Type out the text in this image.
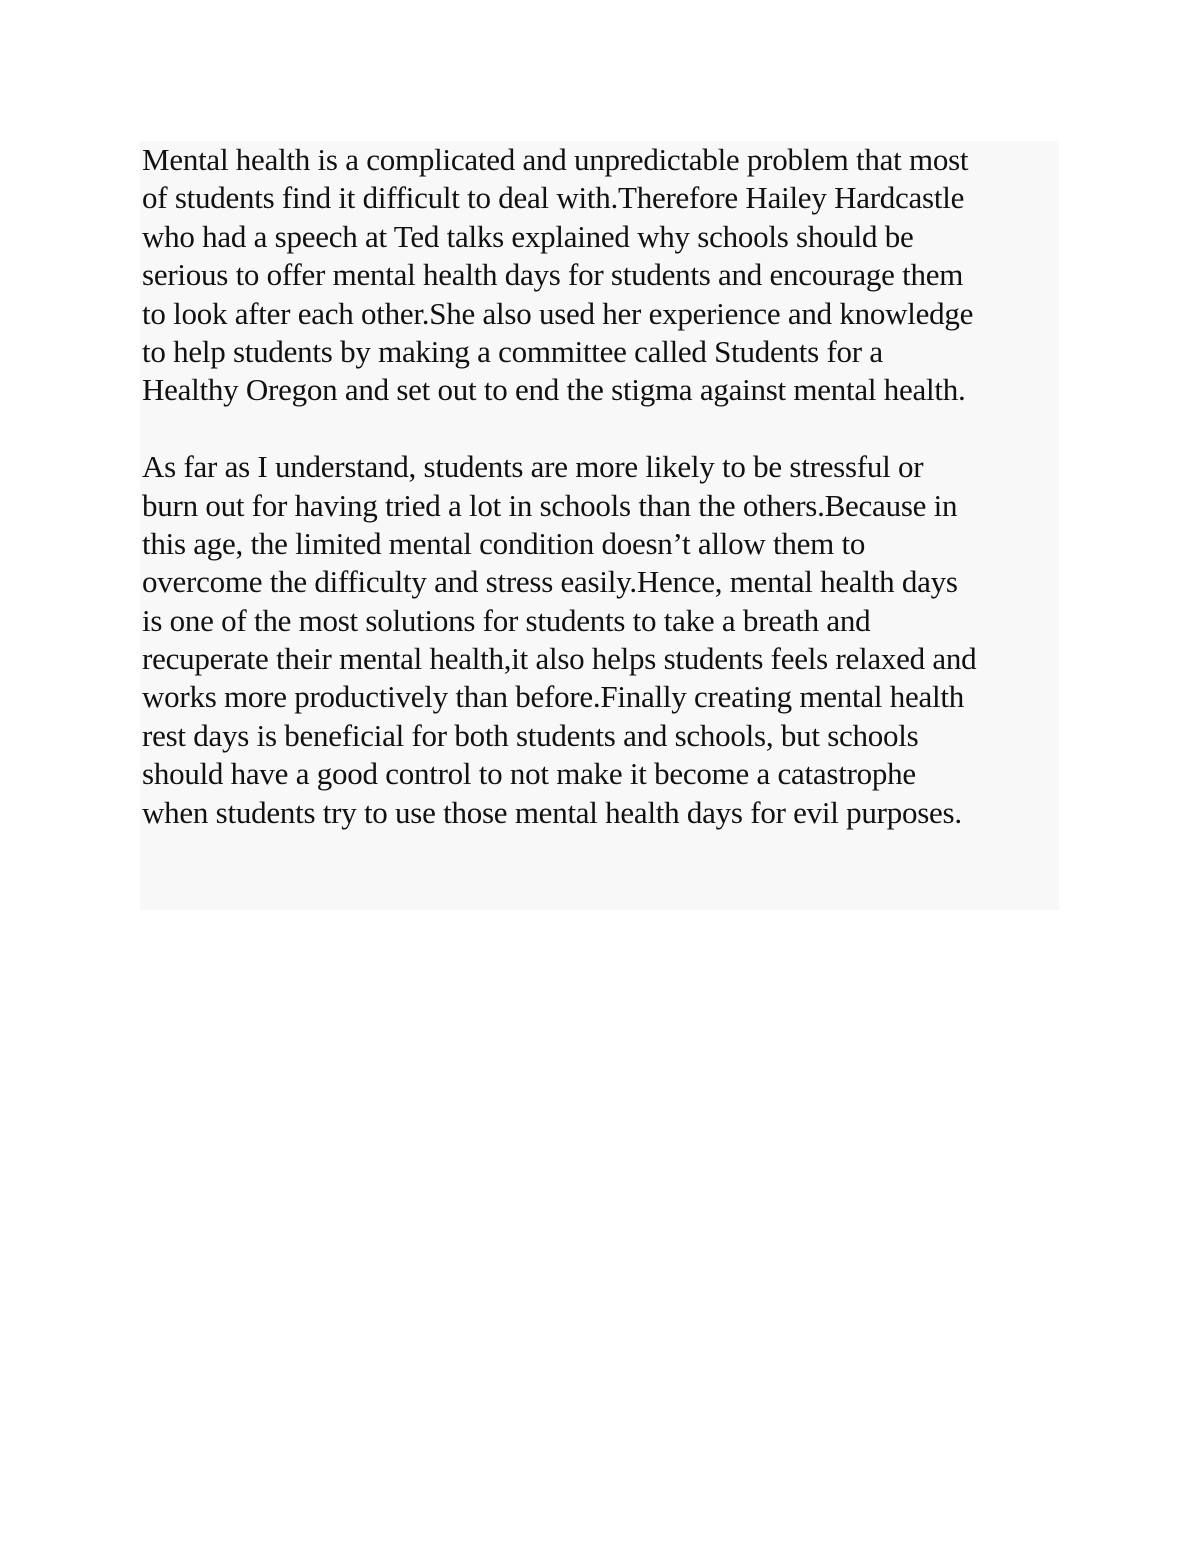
Mental health is a complicated and unpredictable problem that most
of students find it difficult to deal with.Therefore Hailey Hardcastle
who had a speech at Ted talks explained why schools should be
serious to offer mental health days for students and encourage them
to look after each other.She also used her experience and knowledge
to help students by making a committee called Students for a
Healthy Oregon and set out to end the stigma against mental health.

As far as I understand, students are more likely to be stressful or
burn out for having tried a lot in schools than the others.Because in
this age, the limited mental condition doesn’t allow them to
overcome the difficulty and stress easily.Hence, mental health days
is one of the most solutions for students to take a breath and
recuperate their mental health,it also helps students feels relaxed and
works more productively than before.Finally creating mental health
rest days is beneficial for both students and schools, but schools
should have a good control to not make it become a catastrophe
when students try to use those mental health days for evil purposes.
